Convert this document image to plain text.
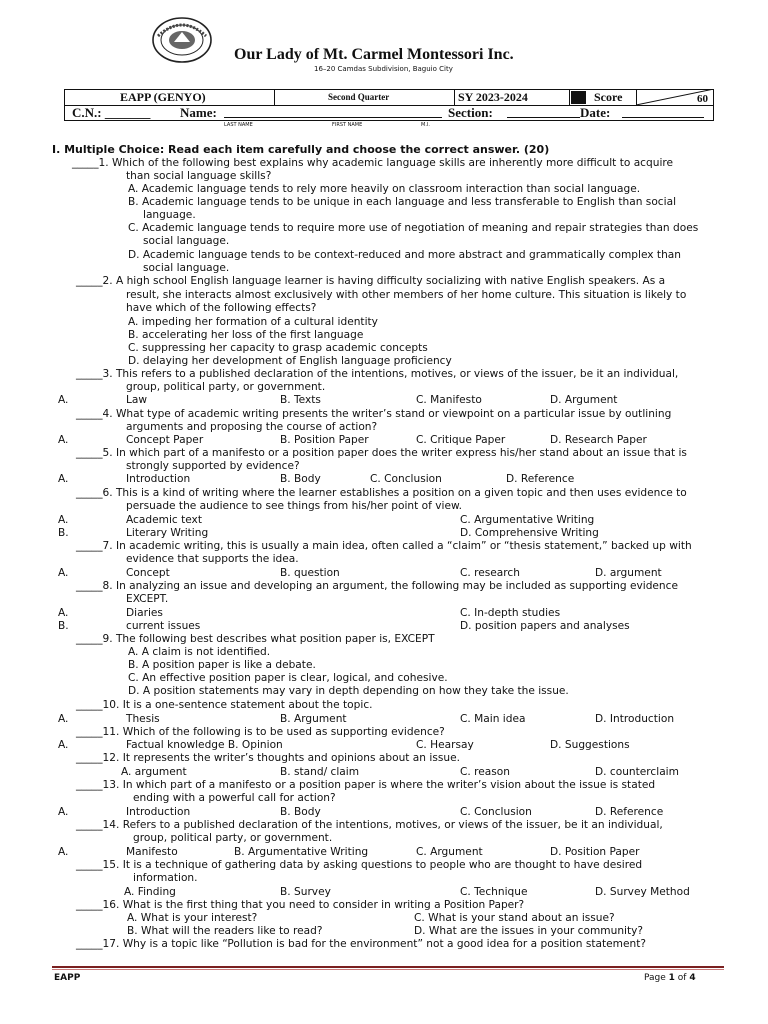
Our Lady of Mt. Carmel Montessori Inc.
16–20 Camdas Subdivision, Baguio City
EAPP (GENYO)	Second Quarter	SY 2023-2024	Score	60
C.N.: _______ Name:	Section:	Date:
LAST NAME	FIRST NAME	M.I.
I. Multiple Choice: Read each item carefully and choose the correct answer. (20)
_____1. Which of the following best explains why academic language skills are inherently more difficult to acquire
than social language skills?
A. Academic language tends to rely more heavily on classroom interaction than social language.
B. Academic language tends to be unique in each language and less transferable to English than social
language.
C. Academic language tends to require more use of negotiation of meaning and repair strategies than does
social language.
D. Academic language tends to be context-reduced and more abstract and grammatically complex than
social language.
_____2. A high school English language learner is having difficulty socializing with native English speakers. As a
result, she interacts almost exclusively with other members of her home culture. This situation is likely to
have which of the following effects?
A. impeding her formation of a cultural identity
B. accelerating her loss of the first language
C. suppressing her capacity to grasp academic concepts
D. delaying her development of English language proficiency
_____3. This refers to a published declaration of the intentions, motives, or views of the issuer, be it an individual,
group, political party, or government.
_____4. What type of academic writing presents the writer’s stand or viewpoint on a particular issue by outlining
arguments and proposing the course of action?
_____5. In which part of a manifesto or a position paper does the writer express his/her stand about an issue that is
strongly supported by evidence?
_____6. This is a kind of writing where the learner establishes a position on a given topic and then uses evidence to
persuade the audience to see things from his/her point of view.
_____7. In academic writing, this is usually a main idea, often called a “claim” or “thesis statement,” backed up with
evidence that supports the idea.
_____8. In analyzing an issue and developing an argument, the following may be included as supporting evidence
EXCEPT.
_____9. The following best describes what position paper is, EXCEPT
A. A claim is not identified.
B. A position paper is like a debate.
C. An effective position paper is clear, logical, and cohesive.
D. A position statements may vary in depth depending on how they take the issue.
_____10. It is a one-sentence statement about the topic.
_____11. Which of the following is to be used as supporting evidence?
_____12. It represents the writer’s thoughts and opinions about an issue.
_____13. In which part of a manifesto or a position paper is where the writer’s vision about the issue is stated
ending with a powerful call for action?
_____14. Refers to a published declaration of the intentions, motives, or views of the issuer, be it an individual,
group, political party, or government.
_____15. It is a technique of gathering data by asking questions to people who are thought to have desired
information.
_____16. What is the first thing that you need to consider in writing a Position Paper?
_____17. Why is a topic like “Pollution is bad for the environment” not a good idea for a position statement?
A.	Law	B. Texts	C. Manifesto	D. Argument
A.	Concept Paper	B. Position Paper	C. Critique Paper	D. Research Paper
A.	Introduction	B. Body	C. Conclusion	D. Reference
A.	Academic text	C. Argumentative Writing
B.	Literary Writing	D. Comprehensive Writing
A.	Concept	B. question	C. research	D. argument
A.	Diaries	C. In-depth studies
B.	current issues	D. position papers and analyses
A.	Thesis	B. Argument	C. Main idea	D. Introduction
A.	Factual knowledge B. Opinion	C. Hearsay	D. Suggestions
A. argument	B. stand/ claim	C. reason	D. counterclaim
A.	Introduction	B. Body	C. Conclusion	D. Reference
A.	Manifesto	B. Argumentative Writing	C. Argument	D. Position Paper
A. Finding	B. Survey	C. Technique	D. Survey Method
A. What is your interest?	C. What is your stand about an issue?
B. What will the readers like to read?	D. What are the issues in your community?
EAPP	Page 1 of 4
